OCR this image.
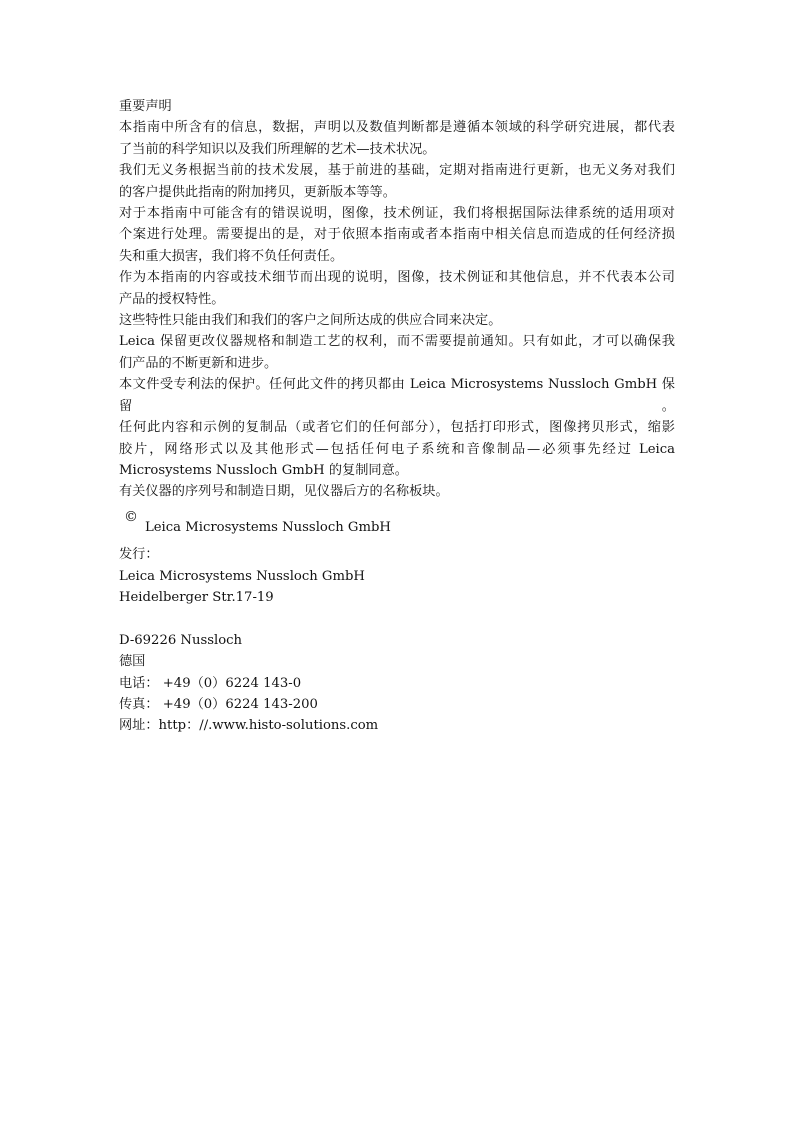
重要声明
本指南中所含有的信息，数据，声明以及数值判断都是遵循本领域的科学研究进展，都代表
了当前的科学知识以及我们所理解的艺术—技术状况。
我们无义务根据当前的技术发展，基于前进的基础，定期对指南进行更新，也无义务对我们
的客户提供此指南的附加拷贝，更新版本等等。
对于本指南中可能含有的错误说明，图像，技术例证，我们将根据国际法律系统的适用项对
个案进行处理。需要提出的是，对于依照本指南或者本指南中相关信息而造成的任何经济损
失和重大损害，我们将不负任何责任。
作为本指南的内容或技术细节而出现的说明，图像，技术例证和其他信息，并不代表本公司
产品的授权特性。
这些特性只能由我们和我们的客户之间所达成的供应合同来决定。
Leica 保留更改仪器规格和制造工艺的权利，而不需要提前通知。只有如此，才可以确保我
们产品的不断更新和进步。
本文件受专利法的保护。任何此文件的拷贝都由 Leica Microsystems Nussloch GmbH 保留。
任何此内容和示例的复制品（或者它们的任何部分），包括打印形式，图像拷贝形式，缩影
胶片，网络形式以及其他形式—包括任何电子系统和音像制品—必须事先经过 Leica
Microsystems Nussloch GmbH 的复制同意。
有关仪器的序列号和制造日期，见仪器后方的名称板块。
©
Leica Microsystems Nussloch GmbH
发行：
Leica Microsystems Nussloch GmbH
Heidelberger Str.17-19
D-69226 Nussloch
德国
电话： +49（0）6224 143-0
传真： +49（0）6224 143-200
网址：http：//.www.histo-solutions.com
